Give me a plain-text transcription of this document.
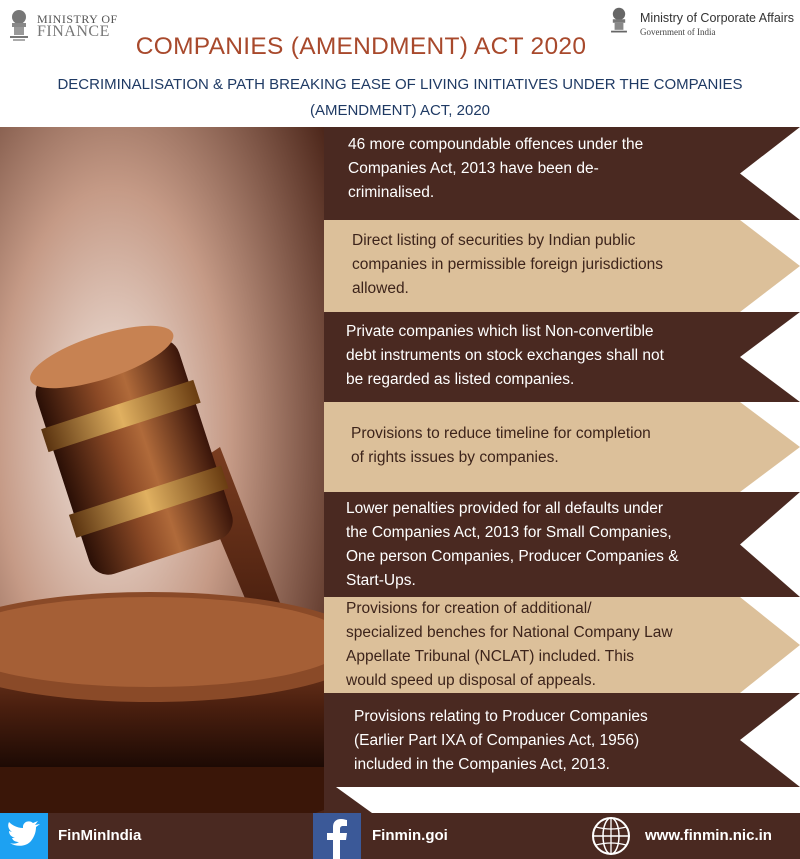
MINISTRY OF
FINANCE
Ministry of Corporate Affairs
Government of India
COMPANIES (AMENDMENT) ACT 2020
DECRIMINALISATION & PATH BREAKING EASE OF LIVING INITIATIVES UNDER THE COMPANIES
(AMENDMENT) ACT, 2020
46 more compoundable offences under the
Companies Act, 2013 have been de-
criminalised.
Direct listing of securities by Indian public
companies in permissible foreign jurisdictions
allowed.
Private companies which list Non-convertible
debt instruments on stock exchanges shall not
be regarded as listed companies.
Provisions to reduce timeline for completion
of rights issues by companies.
Lower penalties provided for all defaults under
the Companies Act, 2013 for Small Companies,
One person Companies, Producer Companies &
Start-Ups.
Provisions for creation of additional/
specialized benches for National Company Law
Appellate Tribunal (NCLAT) included. This
would speed up disposal of appeals.
Provisions relating to Producer Companies
(Earlier Part IXA of Companies Act, 1956)
included in the Companies Act, 2013.
FinMinIndia	Finmin.goi	www.finmin.nic.in
